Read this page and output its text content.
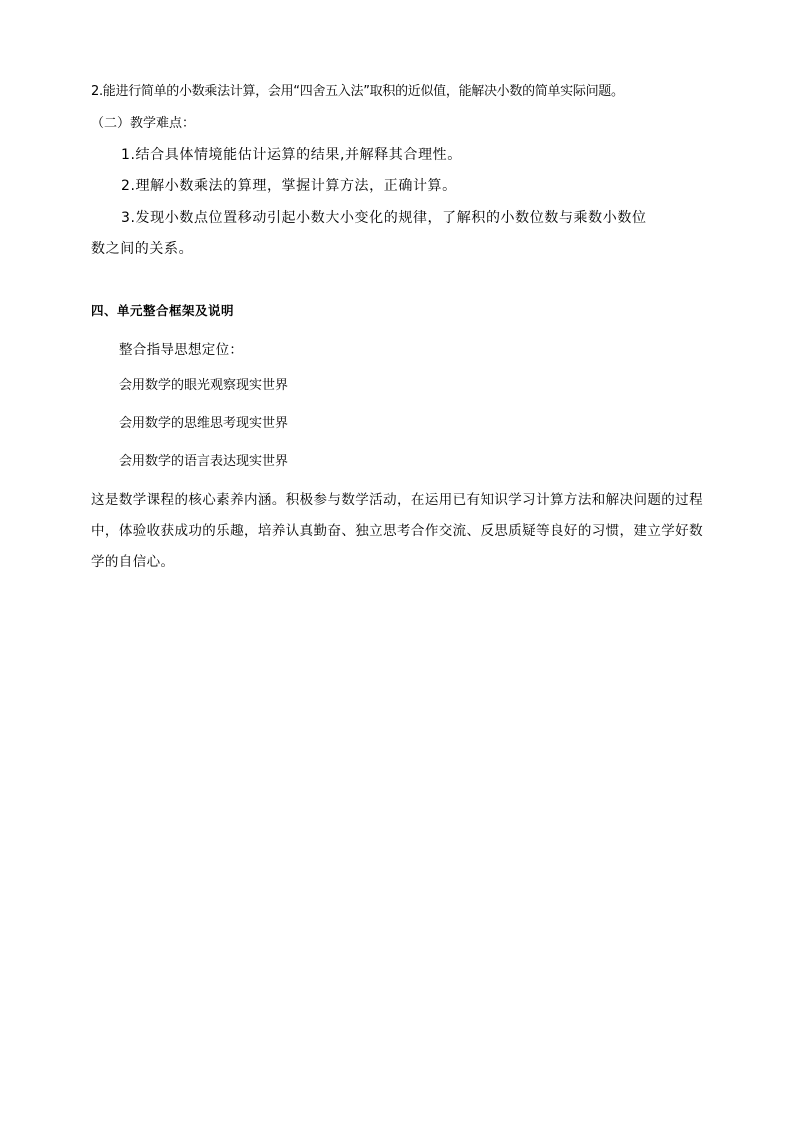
2.能进行简单的小数乘法计算，会用“四舍五入法”取积的近似值，能解决小数的简单实际问题。
（二）教学难点：
1.结合具体情境能估计运算的结果,并解释其合理性。
2.理解小数乘法的算理，掌握计算方法，正确计算。
3.发现小数点位置移动引起小数大小变化的规律，了解积的小数位数与乘数小数位
数之间的关系。
四、单元整合框架及说明
整合指导思想定位：
会用数学的眼光观察现实世界
会用数学的思维思考现实世界
会用数学的语言表达现实世界
这是数学课程的核心素养内涵。积极参与数学活动，在运用已有知识学习计算方法和解决问题的过程中，体验收获成功的乐趣，培养认真勤奋、独立思考合作交流、反思质疑等良好的习惯，建立学好数学的自信心。
